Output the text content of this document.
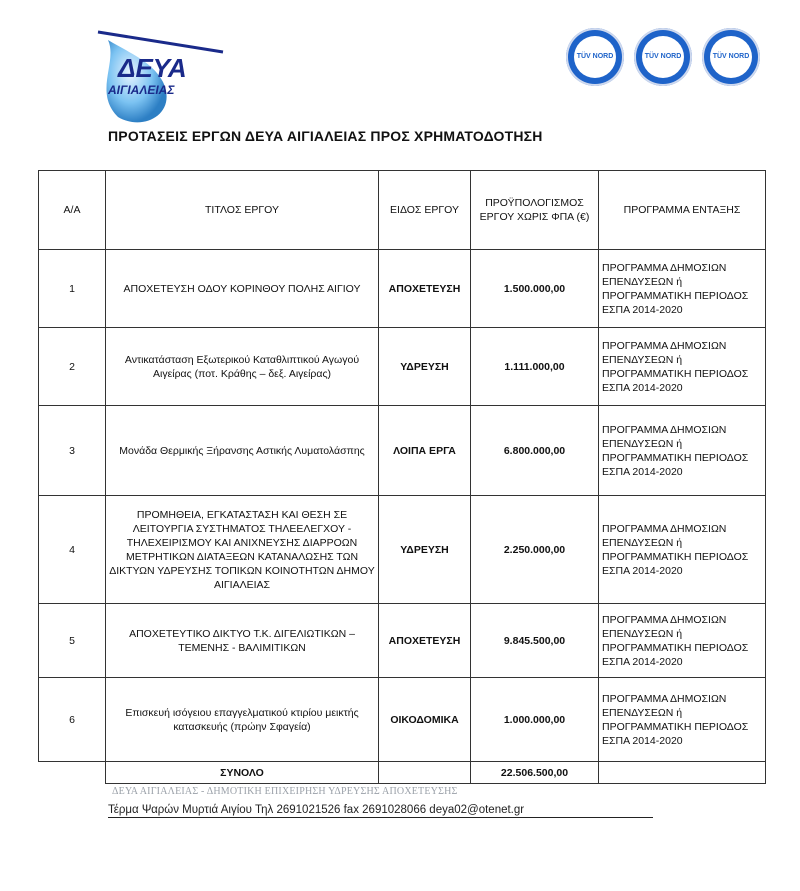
ΔΕΥΑ
ΑΙΓΙΑΛΕΙΑΣ
TÜV NORD	TÜV NORD	TÜV NORD
ΠΡΟΤΑΣΕΙΣ ΕΡΓΩΝ ΔΕΥΑ ΑΙΓΙΑΛΕΙΑΣ ΠΡΟΣ ΧΡΗΜΑΤΟΔΟΤΗΣΗ
Α/Α	ΤΙΤΛΟΣ ΕΡΓΟΥ	ΕΙΔΟΣ ΕΡΓΟΥ	ΠΡΟΫΠΟΛΟΓΙΣΜΟΣ ΕΡΓΟΥ ΧΩΡΙΣ ΦΠΑ (€)	ΠΡΟΓΡΑΜΜΑ ΕΝΤΑΞΗΣ
1	ΑΠΟΧΕΤΕΥΣΗ ΟΔΟΥ ΚΟΡΙΝΘΟΥ ΠΟΛΗΣ ΑΙΓΙΟΥ	ΑΠΟΧΕΤΕΥΣΗ	1.500.000,00	ΠΡΟΓΡΑΜΜΑ ΔΗΜΟΣΙΩΝ ΕΠΕΝΔΥΣΕΩΝ ή ΠΡΟΓΡΑΜΜΑΤΙΚΗ ΠΕΡΙΟΔΟΣ ΕΣΠΑ 2014-2020
2	Αντικατάσταση Εξωτερικού Καταθλιπτικού Αγωγού Αιγείρας (ποτ. Κράθης – δεξ. Αιγείρας)	ΥΔΡΕΥΣΗ	1.111.000,00	ΠΡΟΓΡΑΜΜΑ ΔΗΜΟΣΙΩΝ ΕΠΕΝΔΥΣΕΩΝ ή ΠΡΟΓΡΑΜΜΑΤΙΚΗ ΠΕΡΙΟΔΟΣ ΕΣΠΑ 2014-2020
3	Μονάδα Θερμικής Ξήρανσης Αστικής Λυματολάσπης	ΛΟΙΠΑ ΕΡΓΑ	6.800.000,00	ΠΡΟΓΡΑΜΜΑ ΔΗΜΟΣΙΩΝ ΕΠΕΝΔΥΣΕΩΝ ή ΠΡΟΓΡΑΜΜΑΤΙΚΗ ΠΕΡΙΟΔΟΣ ΕΣΠΑ 2014-2020
4	ΠΡΟΜΗΘΕΙΑ, ΕΓΚΑΤΑΣΤΑΣΗ ΚΑΙ ΘΕΣΗ ΣΕ ΛΕΙΤΟΥΡΓΙΑ ΣΥΣΤΗΜΑΤΟΣ ΤΗΛΕΕΛΕΓΧΟΥ - ΤΗΛΕΧΕΙΡΙΣΜΟΥ ΚΑΙ ΑΝΙΧΝΕΥΣΗΣ ΔΙΑΡΡΟΩΝ ΜΕΤΡΗΤΙΚΩΝ ΔΙΑΤΑΞΕΩΝ ΚΑΤΑΝΑΛΩΣΗΣ ΤΩΝ ΔΙΚΤΥΩΝ ΥΔΡΕΥΣΗΣ ΤΟΠΙΚΩΝ ΚΟΙΝΟΤΗΤΩΝ ΔΗΜΟΥ ΑΙΓΙΑΛΕΙΑΣ	ΥΔΡΕΥΣΗ	2.250.000,00	ΠΡΟΓΡΑΜΜΑ ΔΗΜΟΣΙΩΝ ΕΠΕΝΔΥΣΕΩΝ ή ΠΡΟΓΡΑΜΜΑΤΙΚΗ ΠΕΡΙΟΔΟΣ ΕΣΠΑ 2014-2020
5	ΑΠΟΧΕΤΕΥΤΙΚΟ ΔΙΚΤΥΟ Τ.Κ. ΔΙΓΕΛΙΩΤΙΚΩΝ – ΤΕΜΕΝΗΣ - ΒΑΛΙΜΙΤΙΚΩΝ	ΑΠΟΧΕΤΕΥΣΗ	9.845.500,00	ΠΡΟΓΡΑΜΜΑ ΔΗΜΟΣΙΩΝ ΕΠΕΝΔΥΣΕΩΝ ή ΠΡΟΓΡΑΜΜΑΤΙΚΗ ΠΕΡΙΟΔΟΣ ΕΣΠΑ 2014-2020
6	Επισκευή ισόγειου επαγγελματικού κτιρίου μεικτής κατασκευής (πρώην Σφαγεία)	ΟΙΚΟΔΟΜΙΚΑ	1.000.000,00	ΠΡΟΓΡΑΜΜΑ ΔΗΜΟΣΙΩΝ ΕΠΕΝΔΥΣΕΩΝ ή ΠΡΟΓΡΑΜΜΑΤΙΚΗ ΠΕΡΙΟΔΟΣ ΕΣΠΑ 2014-2020
	ΣΥΝΟΛΟ		22.506.500,00	
ΔΕΥΑ ΑΙΓΙΑΛΕΙΑΣ - ΔΗΜΟΤΙΚΗ ΕΠΙΧΕΙΡΗΣΗ ΥΔΡΕΥΣΗΣ ΑΠΟΧΕΤΕΥΣΗΣ
Τέρμα Ψαρών Μυρτιά Αιγίου Τηλ 2691021526 fax 2691028066 deya02@otenet.gr
